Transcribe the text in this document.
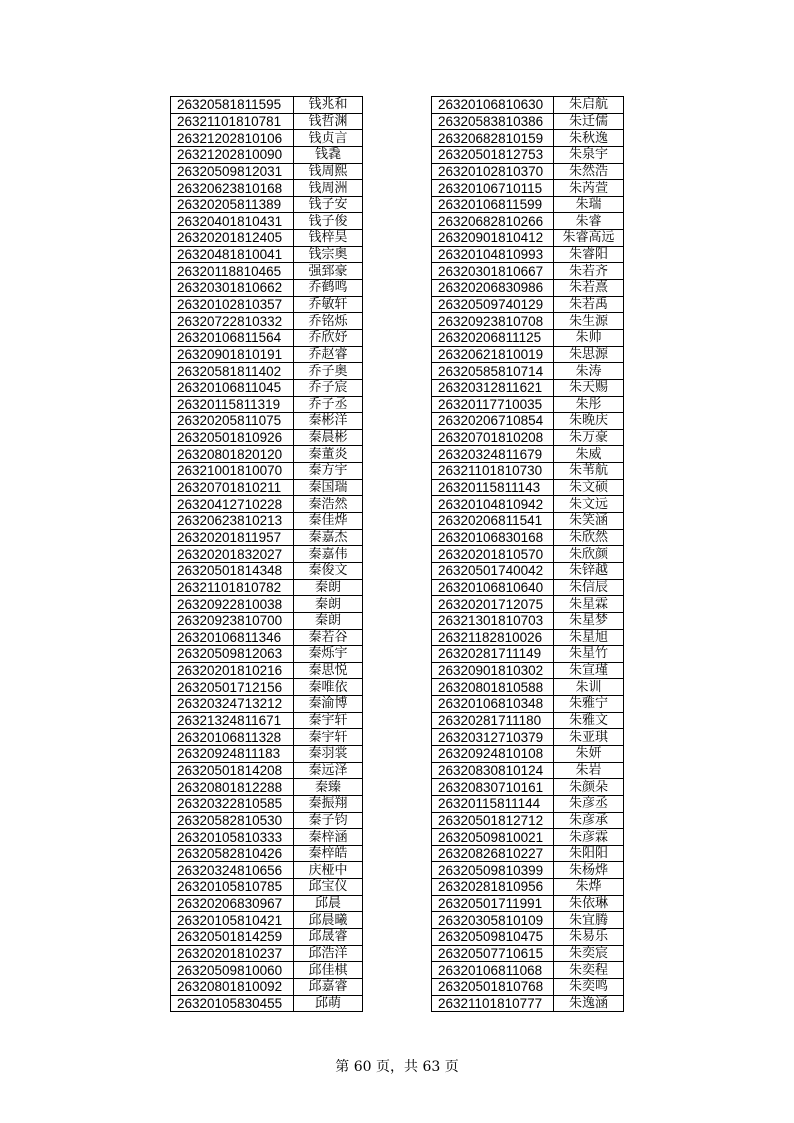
26320581811595	钱兆和
26321101810781	钱哲渊
26321202810106	钱贞言
26321202810090	钱毳
26320509812031	钱周熙
26320623810168	钱周洲
26320205811389	钱子安
26320401810431	钱子俊
26320201812405	钱梓昊
26320481810041	钱宗奥
26320118810465	强郅豪
26320301810662	乔鹤鸣
26320102810357	乔敏轩
26320722810332	乔铭烁
26320106811564	乔欣妤
26320901810191	乔赵睿
26320581811402	乔子奥
26320106811045	乔子宸
26320115811319	乔子丞
26320205811075	秦彬洋
26320501810926	秦晨彬
26320801820120	秦董炎
26321001810070	秦方宇
26320701810211	秦国瑞
26320412710228	秦浩然
26320623810213	秦佳烨
26320201811957	秦嘉杰
26320201832027	秦嘉伟
26320501814348	秦俊文
26321101810782	秦朗
26320922810038	秦朗
26320923810700	秦朗
26320106811346	秦若谷
26320509812063	秦烁宇
26320201810216	秦思悦
26320501712156	秦唯依
26320324713212	秦渝博
26321324811671	秦宇轩
26320106811328	秦宇轩
26320924811183	秦羽裳
26320501814208	秦远泽
26320801812288	秦臻
26320322810585	秦振翔
26320582810530	秦子钧
26320105810333	秦梓涵
26320582810426	秦梓皓
26320324810656	庆桠中
26320105810785	邱宝仪
26320206830967	邱晨
26320105810421	邱晨曦
26320501814259	邱晟睿
26320201810237	邱浩洋
26320509810060	邱佳棋
26320801810092	邱嘉睿
26320105830455	邱萌
26320106810630	朱启航
26320583810386	朱迁儒
26320682810159	朱秋逸
26320501812753	朱泉宇
26320102810370	朱然浩
26320106710115	朱芮萱
26320106811599	朱瑞
26320682810266	朱睿
26320901810412	朱睿高远
26320104810993	朱睿阳
26320301810667	朱若齐
26320206830986	朱若熹
26320509740129	朱若禹
26320923810708	朱生源
26320206811125	朱帅
26320621810019	朱思源
26320585810714	朱涛
26320312811621	朱天赐
26320117710035	朱彤
26320206710854	朱晚庆
26320701810208	朱万豪
26320324811679	朱威
26321101810730	朱苇航
26320115811143	朱文硕
26320104810942	朱文远
26320206811541	朱笑涵
26320106830168	朱欣然
26320201810570	朱欣颜
26320501740042	朱锌越
26320106810640	朱信辰
26320201712075	朱星霖
26321301810703	朱星梦
26321182810026	朱星旭
26320281711149	朱星竹
26320901810302	朱宣瑾
26320801810588	朱训
26320106810348	朱雅宁
26320281711180	朱雅文
26320312710379	朱亚琪
26320924810108	朱妍
26320830810124	朱岩
26320830710161	朱颜朵
26320115811144	朱彦丞
26320501812712	朱彦承
26320509810021	朱彦霖
26320826810227	朱阳阳
26320509810399	朱杨烨
26320281810956	朱烨
26320501711991	朱依琳
26320305810109	朱宜腾
26320509810475	朱易乐
26320507710615	朱奕宸
26320106811068	朱奕程
26320501810768	朱奕鸣
26321101810777	朱逸涵
第 60 页，共 63 页
